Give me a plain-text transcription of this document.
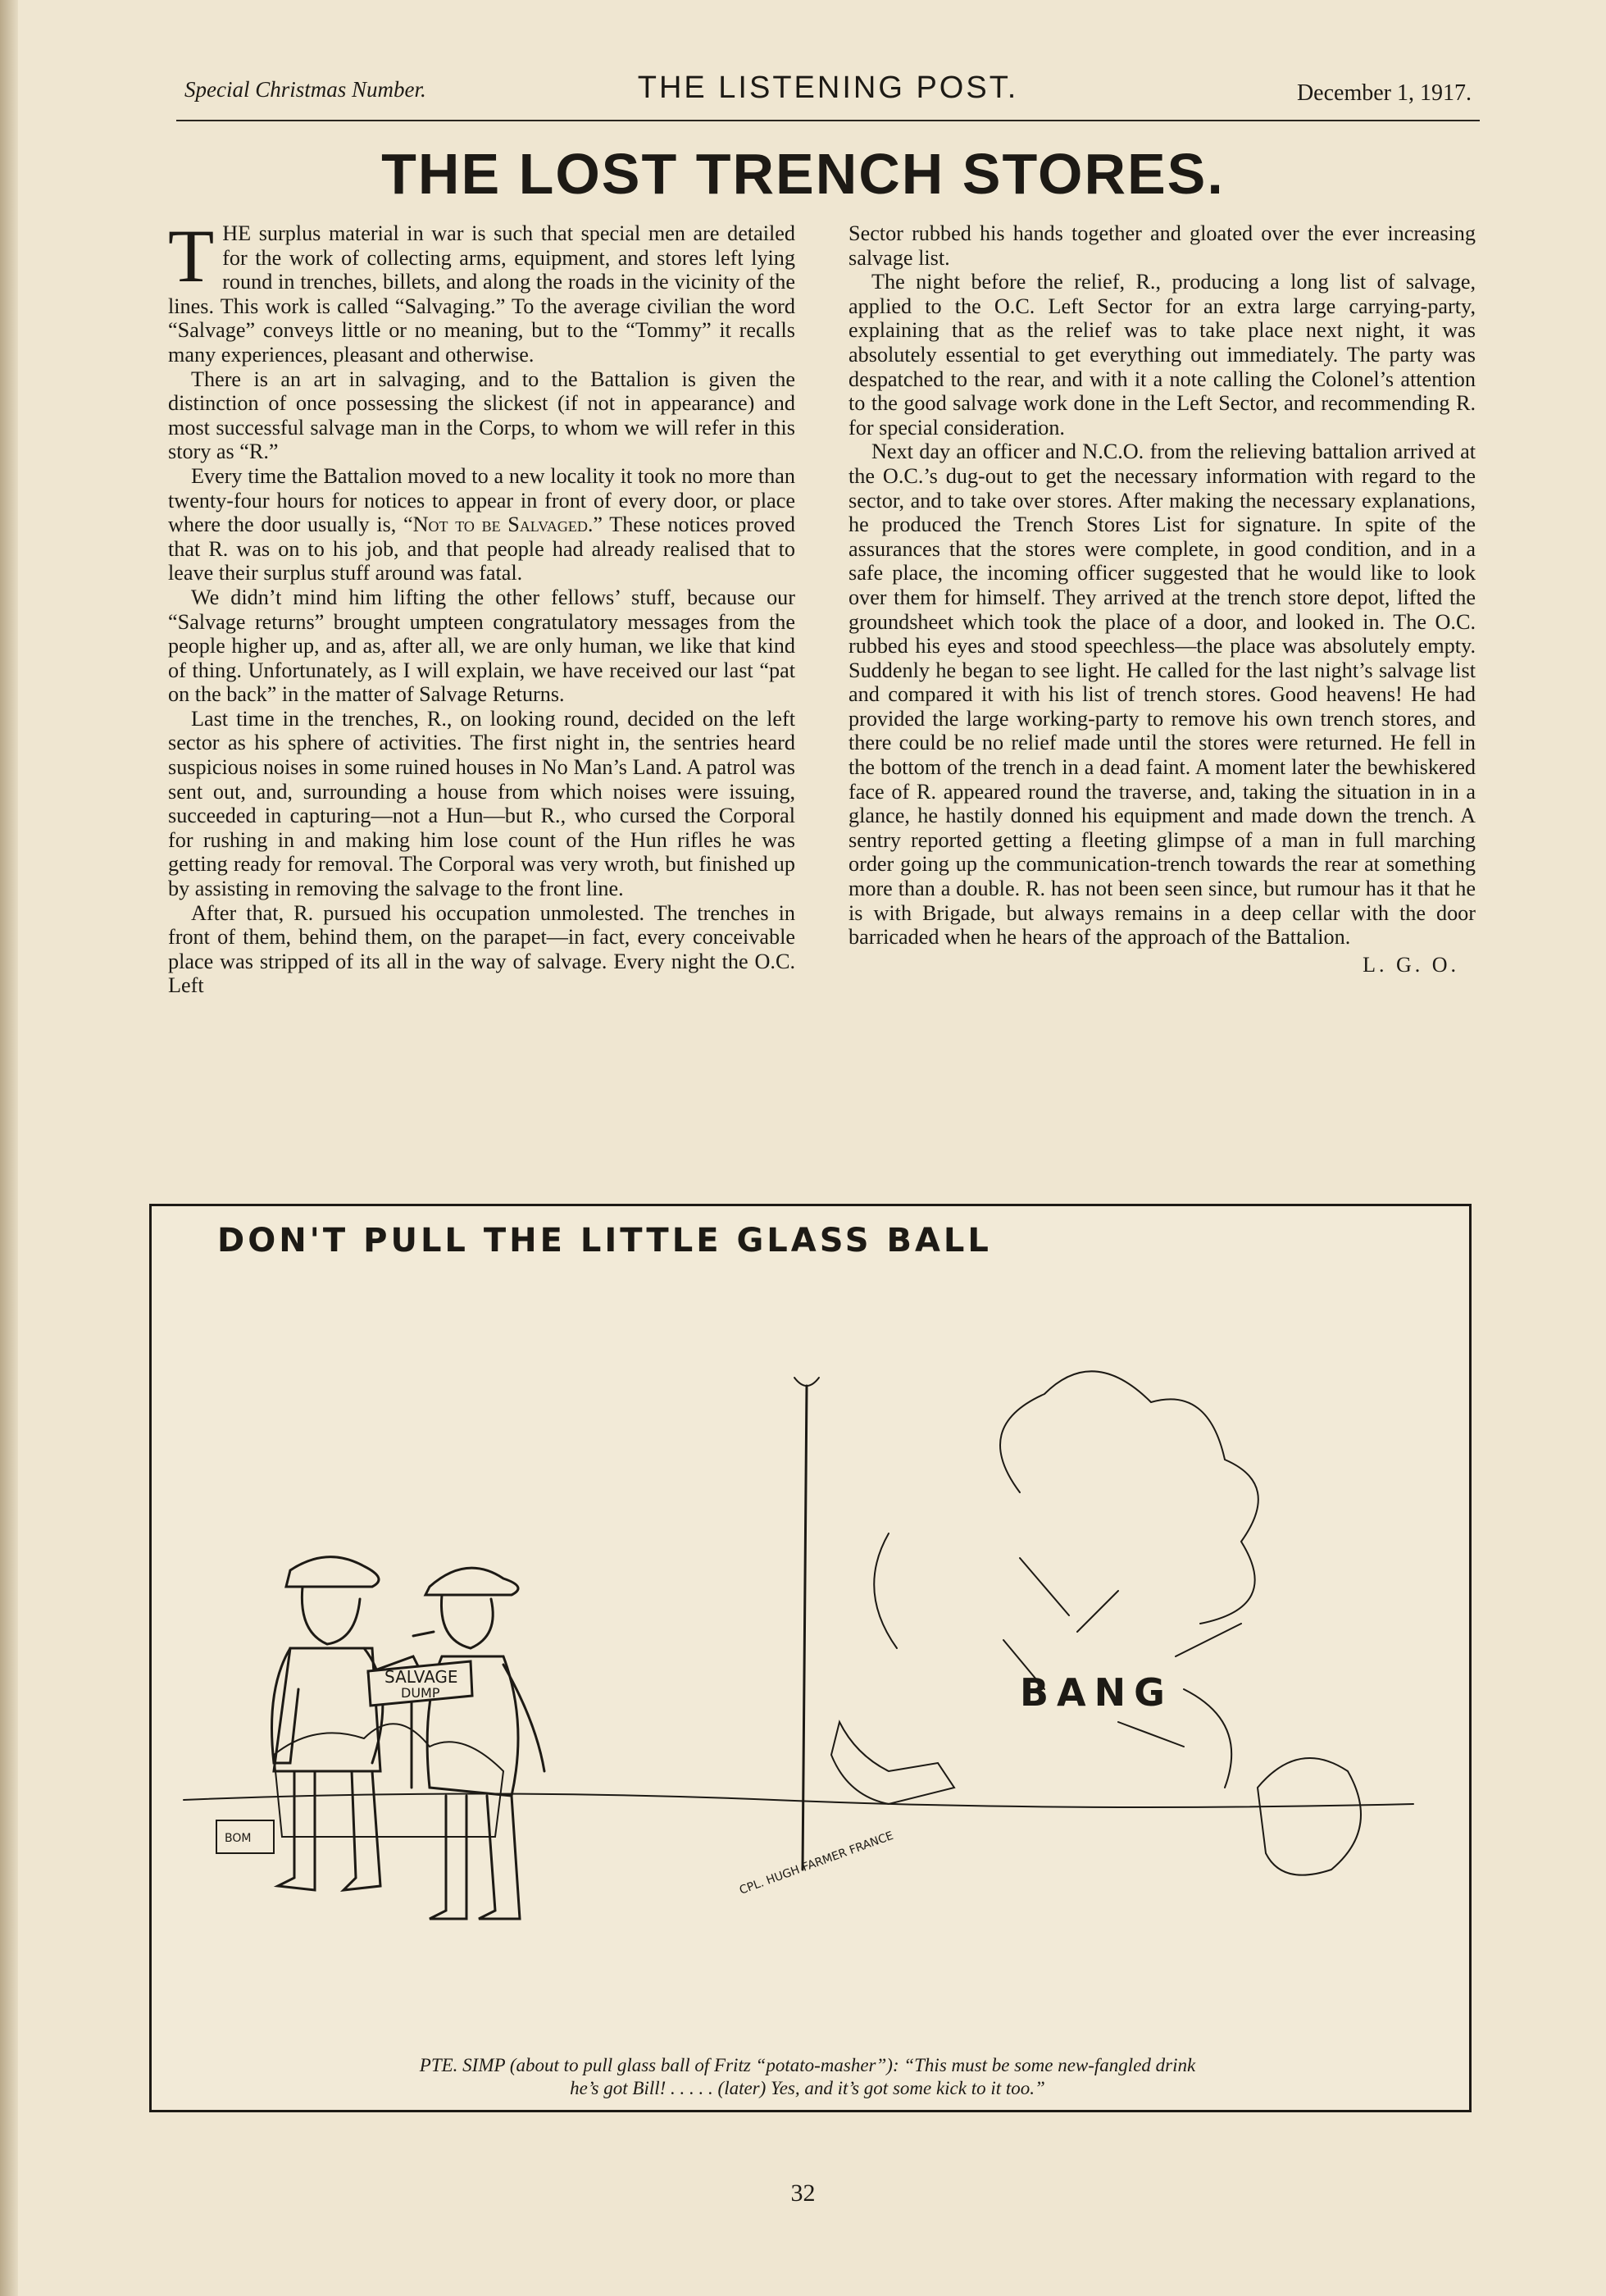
Special Christmas Number.	THE LISTENING POST.	December 1, 1917.
THE LOST TRENCH STORES.

THE surplus material in war is such that special men are detailed for the work of collecting arms, equipment, and stores left lying round in trenches, billets, and along the roads in the vicinity of the lines. This work is called “Salvaging.” To the average civilian the word “Salvage” conveys little or no meaning, but to the “Tommy” it recalls many experiences, pleasant and otherwise.

There is an art in salvaging, and to the Battalion is given the distinction of once possessing the slickest (if not in appearance) and most successful salvage man in the Corps, to whom we will refer in this story as “R.”

Every time the Battalion moved to a new locality it took no more than twenty-four hours for notices to appear in front of every door, or place where the door usually is, “Not to be Salvaged.” These notices proved that R. was on to his job, and that people had already realised that to leave their surplus stuff around was fatal.

We didn’t mind him lifting the other fellows’ stuff, because our “Salvage returns” brought umpteen congratulatory messages from the people higher up, and as, after all, we are only human, we like that kind of thing. Unfortunately, as I will explain, we have received our last “pat on the back” in the matter of Salvage Returns.

Last time in the trenches, R., on looking round, decided on the left sector as his sphere of activities. The first night in, the sentries heard suspicious noises in some ruined houses in No Man’s Land. A patrol was sent out, and, surrounding a house from which noises were issuing, succeeded in capturing—not a Hun—but R., who cursed the Corporal for rushing in and making him lose count of the Hun rifles he was getting ready for removal. The Corporal was very wroth, but finished up by assisting in removing the salvage to the front line.

After that, R. pursued his occupation unmolested. The trenches in front of them, behind them, on the parapet—in fact, every conceivable place was stripped of its all in the way of salvage. Every night the O.C. Left

Sector rubbed his hands together and gloated over the ever increasing salvage list.

The night before the relief, R., producing a long list of salvage, applied to the O.C. Left Sector for an extra large carrying-party, explaining that as the relief was to take place next night, it was absolutely essential to get everything out immediately. The party was despatched to the rear, and with it a note calling the Colonel’s attention to the good salvage work done in the Left Sector, and recommending R. for special consideration.

Next day an officer and N.C.O. from the relieving battalion arrived at the O.C.’s dug-out to get the necessary information with regard to the sector, and to take over stores. After making the necessary explanations, he produced the Trench Stores List for signature. In spite of the assurances that the stores were complete, in good condition, and in a safe place, the incoming officer suggested that he would like to look over them for himself. They arrived at the trench store depot, lifted the groundsheet which took the place of a door, and looked in. The O.C. rubbed his eyes and stood speechless—the place was absolutely empty. Suddenly he began to see light. He called for the last night’s salvage list and compared it with his list of trench stores. Good heavens! He had provided the large working-party to remove his own trench stores, and there could be no relief made until the stores were returned. He fell in the bottom of the trench in a dead faint. A moment later the bewhiskered face of R. appeared round the traverse, and, taking the situation in in a glance, he hastily donned his equipment and made down the trench. A sentry reported getting a fleeting glimpse of a man in full marching order going up the communication-trench towards the rear at something more than a double. R. has not been seen since, but rumour has it that he is with Brigade, but always remains in a deep cellar with the door barricaded when he hears of the approach of the Battalion.

L. G. O.
DON'T PULL THE LITTLE GLASS BALL
SALVAGE
DUMP
BOM
BANG
CPL. HUGH FARMER FRANCE
PTE. SIMP (about to pull glass ball of Fritz “potato-masher”): “This must be some new-fangled drink
he’s got Bill! . . . . . (later) Yes, and it’s got some kick to it too.”
32
